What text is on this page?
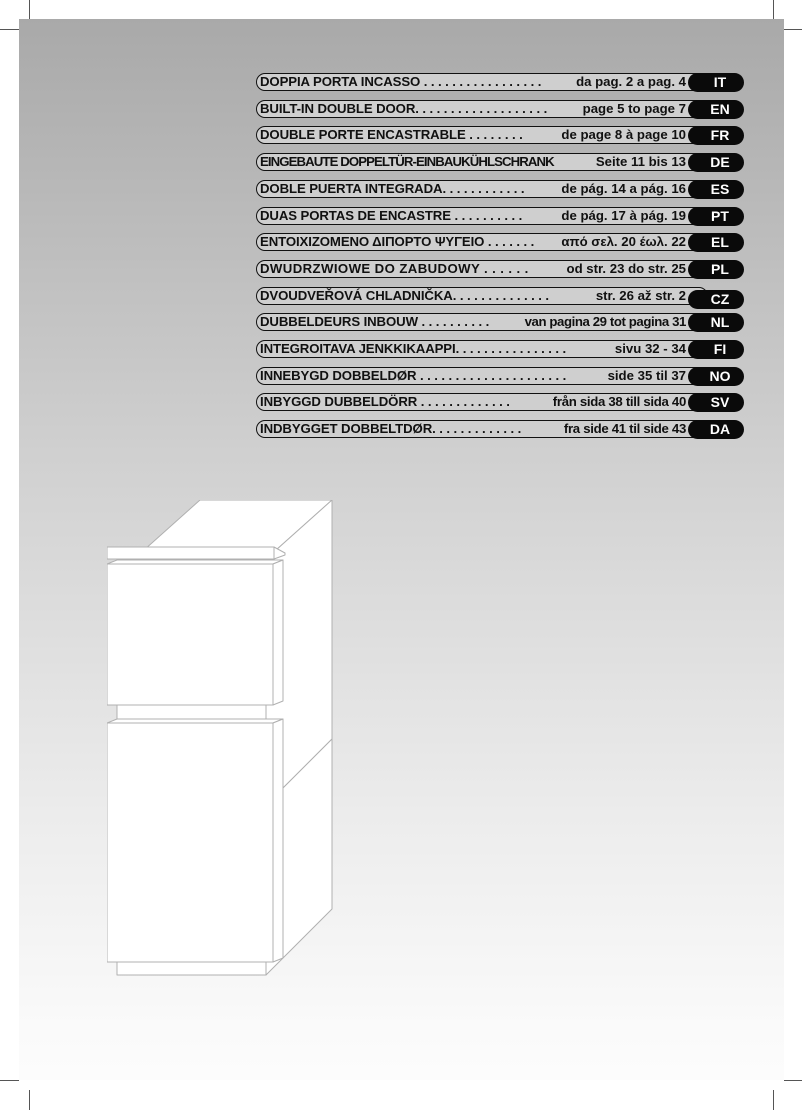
DOPPIA PORTA INCASSO . . . . . . . . . . . . . . . . .	da pag. 2 a pag. 4	IT
BUILT-IN DOUBLE DOOR. . . . . . . . . . . . . . . . . . .	page 5 to page 7	EN
DOUBLE PORTE ENCASTRABLE . . . . . . . .	de page 8 à page 10	FR
EINGEBAUTE DOPPELTÜR-EINBAUKÜHLSCHRANK	Seite 11 bis 13	DE
DOBLE PUERTA INTEGRADA. . . . . . . . . . . .	de pág. 14 a pág. 16	ES
DUAS PORTAS DE ENCASTRE . . . . . . . . . .	de pág. 17 à pág. 19	PT
ΕΝΤΟΙΧΙΖΟΜΕΝΟ ΔΙΠΟΡΤΟ ΨΥΓΕΙΟ . . . . . . . από σελ. 20 έωλ. 22	EL
DWUDRZWIOWE DO ZABUDOWY . . . . . .	od str. 23 do str. 25	PL
DVOUDVEŘOVÁ CHLADNIČKA. . . . . . . . . . . . . .	str. 26 až str. 2	CZ
DUBBELDEURS INBOUW . . . . . . . . . .	van pagina 29 tot pagina 31	NL
INTEGROITAVA JENKKIKAAPPI. . . . . . . . . . . . . . . .	sivu 32 - 34	FI
INNEBYGD DOBBELDØR . . . . . . . . . . . . . . . . . . . . .	side 35 til 37	NO
INBYGGD DUBBELDÖRR . . . . . . . . . . . . .	från sida 38 till sida 40	SV
INDBYGGET DOBBELTDØR. . . . . . . . . . . . .	fra side 41 til side 43	DA
